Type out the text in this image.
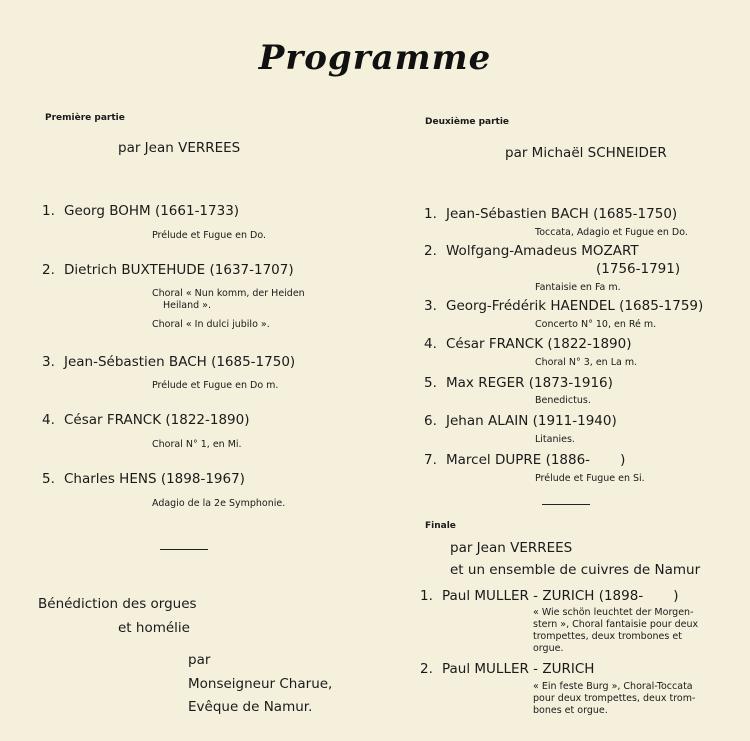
Programme
Première partie
par Jean VERREES
1. Georg BOHM (1661-1733)
Prélude et Fugue en Do.
2. Dietrich BUXTEHUDE (1637-1707)
Choral « Nun komm, der Heiden
Heiland ».
Choral « In dulci jubilo ».
3. Jean-Sébastien BACH (1685-1750)
Prélude et Fugue en Do m.
4. César FRANCK (1822-1890)
Choral N° 1, en Mi.
5. Charles HENS (1898-1967)
Adagio de la 2e Symphonie.
Bénédiction des orgues
et homélie
par
Monseigneur Charue,
Evêque de Namur.
Deuxième partie
par Michaël SCHNEIDER
1. Jean-Sébastien BACH (1685-1750)
Toccata, Adagio et Fugue en Do.
2. Wolfgang-Amadeus MOZART
(1756-1791)
Fantaisie en Fa m.
3. Georg-Frédérik HAENDEL (1685-1759)
Concerto N° 10, en Ré m.
4. César FRANCK (1822-1890)
Choral N° 3, en La m.
5. Max REGER (1873-1916)
Benedictus.
6. Jehan ALAIN (1911-1940)
Litanies.
7. Marcel DUPRE (1886-       )
Prélude et Fugue en Si.
Finale
par Jean VERREES
et un ensemble de cuivres de Namur
1. Paul MULLER - ZURICH (1898-       )
« Wie schön leuchtet der Morgen-
stern », Choral fantaisie pour deux
trompettes, deux trombones et
orgue.
2. Paul MULLER - ZURICH
« Ein feste Burg », Choral-Toccata
pour deux trompettes, deux trom-
bones et orgue.
